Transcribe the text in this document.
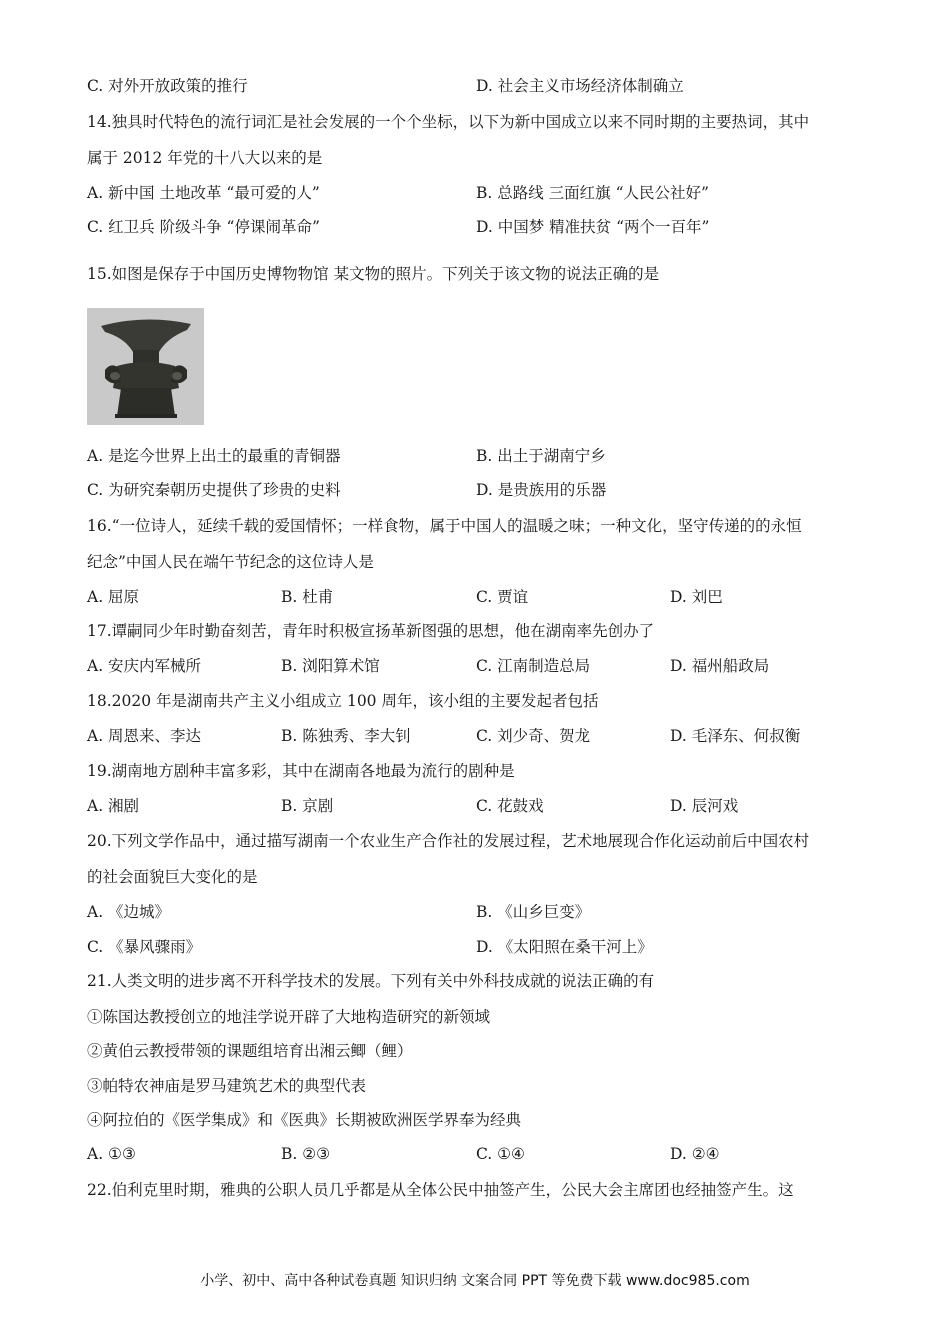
C. 对外开放政策的推行	D. 社会主义市场经济体制确立
14.独具时代特色的流行词汇是社会发展的一个个坐标，以下为新中国成立以来不同时期的主要热词，其中
属于 2012 年党的十八大以来的是
A. 新中国 土地改革 “最可爱的人”	B. 总路线 三面红旗 “人民公社好”
C. 红卫兵 阶级斗争 “停课闹革命”	D. 中国梦 精准扶贫 “两个一百年”
15.如图是保存于中国历史博物物馆 某文物的照片。下列关于该文物的说法正确的是
A. 是迄今世界上出土的最重的青铜器	B. 出土于湖南宁乡
C. 为研究秦朝历史提供了珍贵的史料	D. 是贵族用的乐器
16.“一位诗人，延续千载的爱国情怀；一样食物，属于中国人的温暖之味；一种文化，坚守传递的的永恒
纪念”中国人民在端午节纪念的这位诗人是
A. 屈原	B. 杜甫	C. 贾谊	D. 刘巴
17.谭嗣同少年时勤奋刻苦，青年时积极宣扬革新图强的思想，他在湖南率先创办了
A. 安庆内军械所	B. 浏阳算术馆	C. 江南制造总局	D. 福州船政局
18.2020 年是湖南共产主义小组成立 100 周年，该小组的主要发起者包括
A. 周恩来、李达	B. 陈独秀、李大钊	C. 刘少奇、贺龙	D. 毛泽东、何叔衡
19.湖南地方剧种丰富多彩，其中在湖南各地最为流行的剧种是
A. 湘剧	B. 京剧	C. 花鼓戏	D. 辰河戏
20.下列文学作品中，通过描写湖南一个农业生产合作社的发展过程，艺术地展现合作化运动前后中国农村
的社会面貌巨大变化的是
A. 《边城》	B. 《山乡巨变》
C. 《暴风骤雨》	D. 《太阳照在桑干河上》
21.人类文明的进步离不开科学技术的发展。下列有关中外科技成就的说法正确的有
①陈国达教授创立的地洼学说开辟了大地构造研究的新领域
②黄伯云教授带领的课题组培育出湘云鲫（鲤）
③帕特农神庙是罗马建筑艺术的典型代表
④阿拉伯的《医学集成》和《医典》长期被欧洲医学界奉为经典
A. ①③	B. ②③	C. ①④	D. ②④
22.伯利克里时期，雅典的公职人员几乎都是从全体公民中抽签产生，公民大会主席团也经抽签产生。这
小学、初中、高中各种试卷真题 知识归纳 文案合同 PPT 等免费下载 www.doc985.com
